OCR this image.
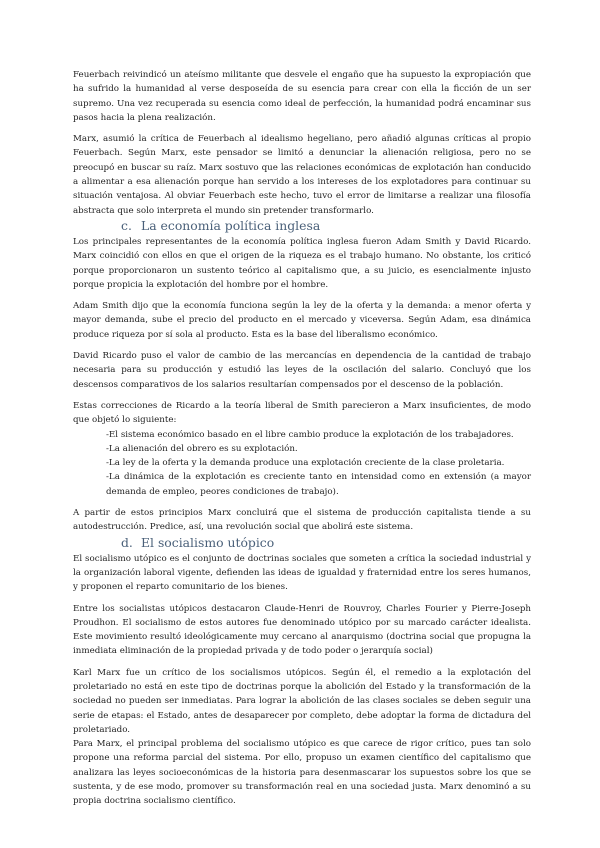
Feuerbach reivindicó un ateísmo militante que desvele el engaño que ha supuesto la expropiación que ha sufrido la humanidad al verse desposeída de su esencia para crear con ella la ficción de un ser supremo. Una vez recuperada su esencia como ideal de perfección, la humanidad podrá encaminar sus pasos hacia la plena realización.

Marx, asumió la crítica de Feuerbach al idealismo hegeliano, pero añadió algunas críticas al propio Feuerbach. Según Marx, este pensador se limitó a denunciar la alienación religiosa, pero no se preocupó en buscar su raíz. Marx sostuvo que las relaciones económicas de explotación han conducido a alimentar a esa alienación porque han servido a los intereses de los explotadores para continuar su situación ventajosa. Al obviar Feuerbach este hecho, tuvo el error de limitarse a realizar una filosofía abstracta que solo interpreta el mundo sin pretender transformarlo.

c. La economía política inglesa

Los principales representantes de la economía política inglesa fueron Adam Smith y David Ricardo. Marx coincidió con ellos en que el origen de la riqueza es el trabajo humano. No obstante, los criticó porque proporcionaron un sustento teórico al capitalismo que, a su juicio, es esencialmente injusto porque propicia la explotación del hombre por el hombre.

Adam Smith dijo que la economía funciona según la ley de la oferta y la demanda: a menor oferta y mayor demanda, sube el precio del producto en el mercado y viceversa. Según Adam, esa dinámica produce riqueza por sí sola al producto. Esta es la base del liberalismo económico.

David Ricardo puso el valor de cambio de las mercancías en dependencia de la cantidad de trabajo necesaria para su producción y estudió las leyes de la oscilación del salario. Concluyó que los descensos comparativos de los salarios resultarían compensados por el descenso de la población.

Estas correcciones de Ricardo a la teoría liberal de Smith parecieron a Marx insuficientes, de modo que objetó lo siguiente:

-El sistema económico basado en el libre cambio produce la explotación de los trabajadores.
-La alienación del obrero es su explotación.
-La ley de la oferta y la demanda produce una explotación creciente de la clase proletaria.
-La dinámica de la explotación es creciente tanto en intensidad como en extensión (a mayor demanda de empleo, peores condiciones de trabajo).

A partir de estos principios Marx concluirá que el sistema de producción capitalista tiende a su autodestrucción. Predice, así, una revolución social que abolirá este sistema.

d. El socialismo utópico

El socialismo utópico es el conjunto de doctrinas sociales que someten a crítica la sociedad industrial y la organización laboral vigente, defienden las ideas de igualdad y fraternidad entre los seres humanos, y proponen el reparto comunitario de los bienes.

Entre los socialistas utópicos destacaron Claude-Henri de Rouvroy, Charles Fourier y Pierre-Joseph Proudhon. El socialismo de estos autores fue denominado utópico por su marcado carácter idealista. Este movimiento resultó ideológicamente muy cercano al anarquismo (doctrina social que propugna la inmediata eliminación de la propiedad privada y de todo poder o jerarquía social)

Karl Marx fue un crítico de los socialismos utópicos. Según él, el remedio a la explotación del proletariado no está en este tipo de doctrinas porque la abolición del Estado y la transformación de la sociedad no pueden ser inmediatas. Para lograr la abolición de las clases sociales se deben seguir una serie de etapas: el Estado, antes de desaparecer por completo, debe adoptar la forma de dictadura del proletariado.

Para Marx, el principal problema del socialismo utópico es que carece de rigor crítico, pues tan solo propone una reforma parcial del sistema. Por ello, propuso un examen científico del capitalismo que analizara las leyes socioeconómicas de la historia para desenmascarar los supuestos sobre los que se sustenta, y de ese modo, promover su transformación real en una sociedad justa. Marx denominó a su propia doctrina socialismo científico.
